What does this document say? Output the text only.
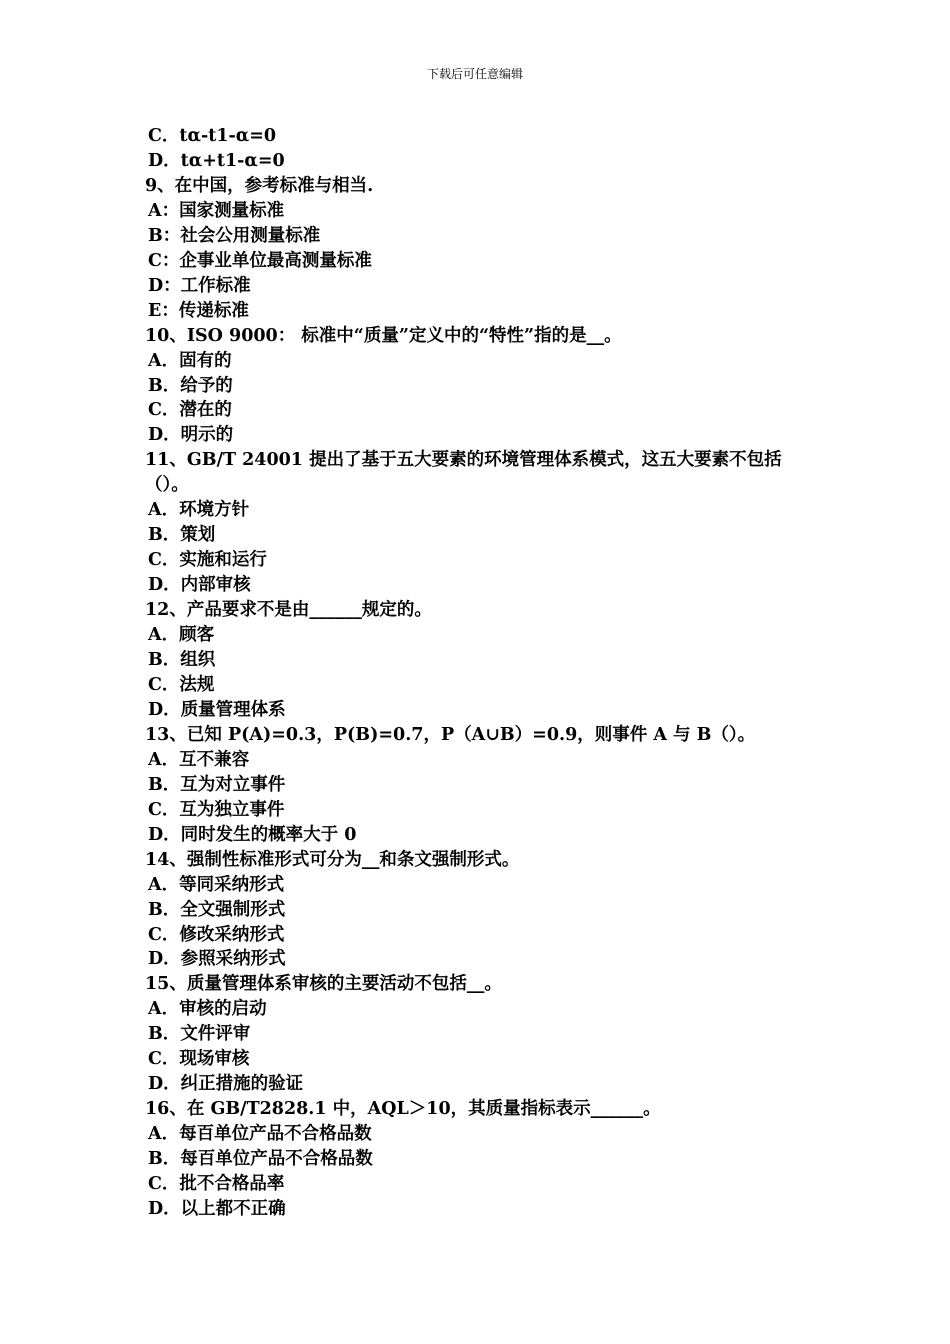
下载后可任意编辑
C．tα-t1-α=0
D．tα+t1-α=0
9、在中国，参考标准与相当.
A：国家测量标准
B：社会公用测量标准
C：企事业单位最高测量标准
D：工作标准
E：传递标准
10、ISO 9000： 标准中“质量”定义中的“特性”指的是__。
A．固有的
B．给予的
C．潜在的
D．明示的
11、GB/T 24001 提出了基于五大要素的环境管理体系模式，这五大要素不包括（）。
A．环境方针
B．策划
C．实施和运行
D．内部审核
12、产品要求不是由______规定的。
A．顾客
B．组织
C．法规
D．质量管理体系
13、已知 P(A)=0.3，P(B)=0.7，P（A∪B）=0.9，则事件 A 与 B（）。
A．互不兼容
B．互为对立事件
C．互为独立事件
D．同时发生的概率大于 0
14、强制性标准形式可分为__和条文强制形式。
A．等同采纳形式
B．全文强制形式
C．修改采纳形式
D．参照采纳形式
15、质量管理体系审核的主要活动不包括__。
A．审核的启动
B．文件评审
C．现场审核
D．纠正措施的验证
16、在 GB/T2828.1 中，AQL＞10，其质量指标表示______。
A．每百单位产品不合格品数
B．每百单位产品不合格品数
C．批不合格品率
D．以上都不正确
